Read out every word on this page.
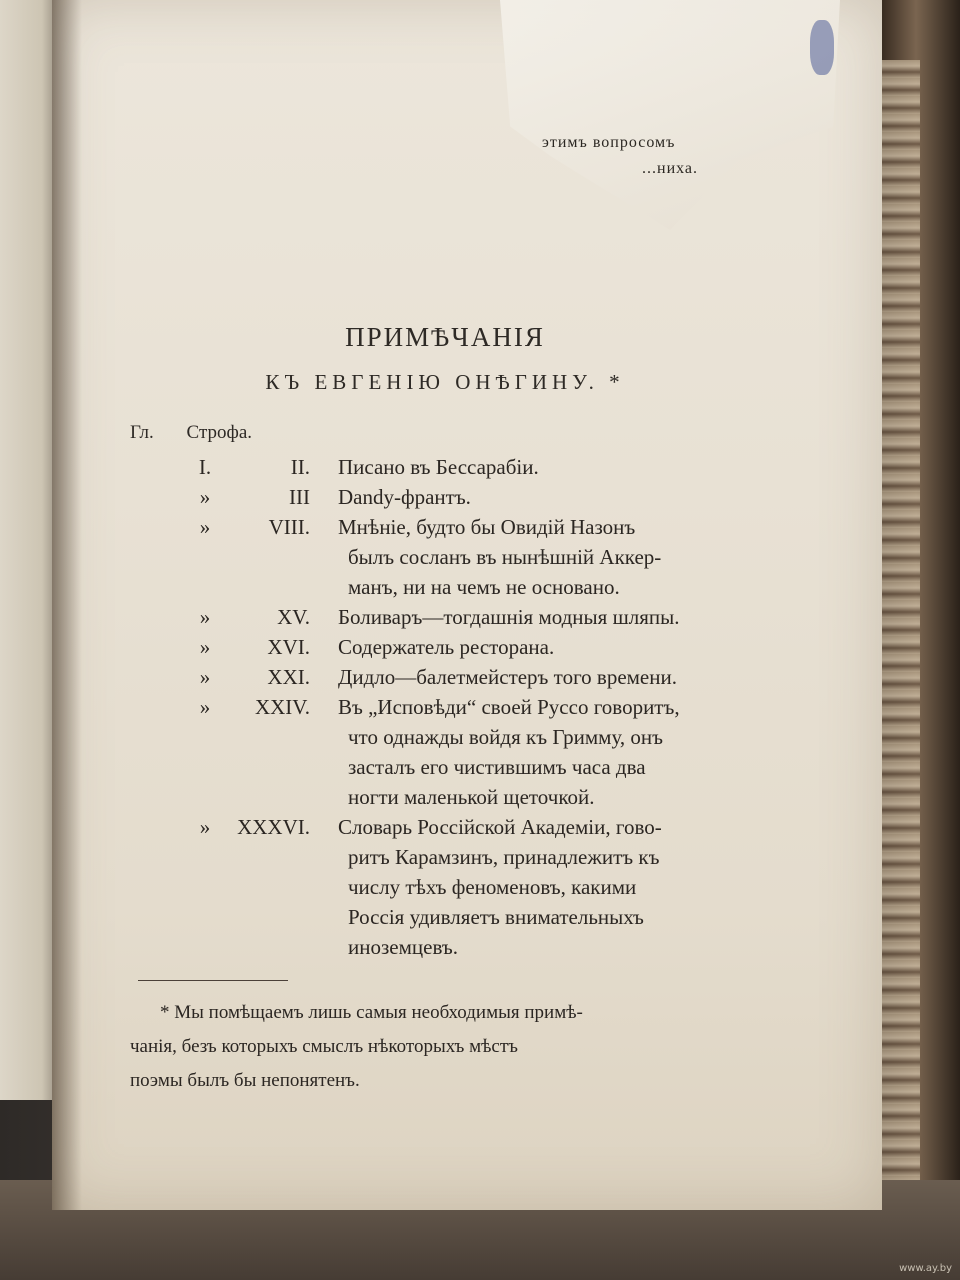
этимъ вопросомъ
...ниха.
ПРИМѢЧАНІЯ
КЪ ЕВГЕНІЮ ОНѢГИНУ. *
Гл. Строфа.
I.	II.	Писано въ Бессарабіи.
»	III	Dandy-франтъ.
»	VIII.	Мнѣніе, будто бы Овидій Назонъ
былъ сосланъ въ нынѣшній Аккер-
манъ, ни на чемъ не основано.
»	XV.	Боливаръ—тогдашнія модныя шляпы.
»	XVI.	Содержатель ресторана.
»	XXI.	Дидло—балетмейстеръ того времени.
»	XXIV.	Въ „Исповѣди“ своей Руссо говоритъ,
что однажды войдя къ Гримму, онъ
засталъ его чистившимъ часа два
ногти маленькой щеточкой.
»	XXXVI.	Словарь Россійской Академіи, гово-
ритъ Карамзинъ, принадлежитъ къ
числу тѣхъ феноменовъ, какими
Россія удивляетъ внимательныхъ
иноземцевъ.
* Мы помѣщаемъ лишь самыя необходимыя примѣ-
чанія, безъ которыхъ смыслъ нѣкоторыхъ мѣстъ
поэмы былъ бы непонятенъ.
www.ay.by
